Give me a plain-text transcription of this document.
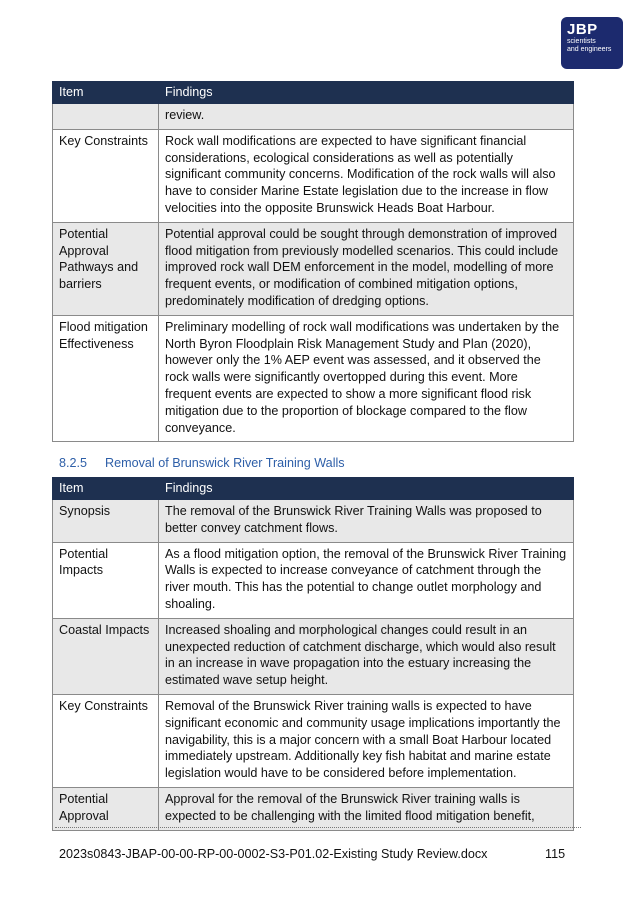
JBP
scientists
and engineers
Item	Findings
	review.
Key Constraints	Rock wall modifications are expected to have significant financial considerations, ecological considerations as well as potentially significant community concerns. Modification of the rock walls will also have to consider Marine Estate legislation due to the increase in flow velocities into the opposite Brunswick Heads Boat Harbour.
Potential Approval Pathways and barriers	Potential approval could be sought through demonstration of improved flood mitigation from previously modelled scenarios. This could include improved rock wall DEM enforcement in the model, modelling of more frequent events, or modification of combined mitigation options, predominately modification of dredging options.
Flood mitigation Effectiveness	Preliminary modelling of rock wall modifications was undertaken by the North Byron Floodplain Risk Management Study and Plan (2020), however only the 1% AEP event was assessed, and it observed the rock walls were significantly overtopped during this event. More frequent events are expected to show a more significant flood risk mitigation due to the proportion of blockage compared to the flow conveyance.
8.2.5 Removal of Brunswick River Training Walls
Item	Findings
Synopsis	The removal of the Brunswick River Training Walls was proposed to better convey catchment flows.
Potential Impacts	As a flood mitigation option, the removal of the Brunswick River Training Walls is expected to increase conveyance of catchment through the river mouth. This has the potential to change outlet morphology and shoaling.
Coastal Impacts	Increased shoaling and morphological changes could result in an unexpected reduction of catchment discharge, which would also result in an increase in wave propagation into the estuary increasing the estimated wave setup height.
Key Constraints	Removal of the Brunswick River training walls is expected to have significant economic and community usage implications importantly the navigability, this is a major concern with a small Boat Harbour located immediately upstream. Additionally key fish habitat and marine estate legislation would have to be considered before implementation.
Potential Approval	Approval for the removal of the Brunswick River training walls is expected to be challenging with the limited flood mitigation benefit,
2023s0843-JBAP-00-00-RP-00-0002-S3-P01.02-Existing Study Review.docx	115
